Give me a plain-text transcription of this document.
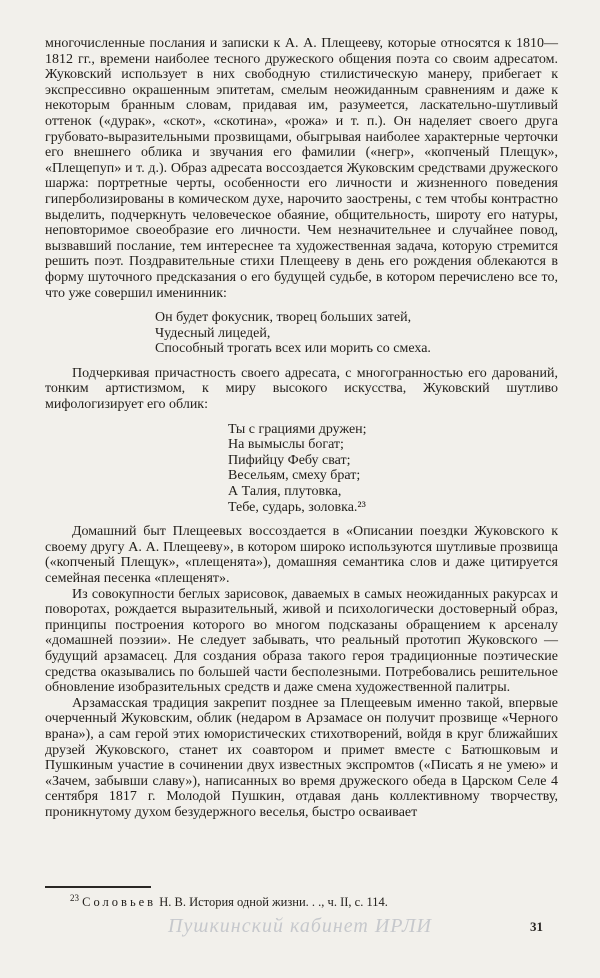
многочисленные послания и записки к А. А. Плещееву, которые относятся к 1810—1812 гг., времени наиболее тесного дружеского общения поэта со своим адресатом. Жуковский использует в них свободную стилистическую манеру, прибегает к экспрессивно окрашенным эпитетам, смелым неожиданным сравнениям и даже к некоторым бранным словам, придавая им, разумеется, ласкательно-шутливый оттенок («дурак», «скот», «скотина», «рожа» и т. п.). Он наделяет своего друга грубовато-выразительными прозвищами, обыгрывая наиболее характерные черточки его внешнего облика и звучания его фамилии («негр», «копченый Плещук», «Плещепуп» и т. д.). Образ адресата воссоздается Жуковским средствами дружеского шаржа: портретные черты, особенности его личности и жизненного поведения гиперболизированы в комическом духе, нарочито заострены, с тем чтобы контрастно выделить, подчеркнуть человеческое обаяние, общительность, широту его натуры, неповторимое своеобразие его личности. Чем незначительнее и случайнее повод, вызвавший послание, тем интереснее та художественная задача, которую стремится решить поэт. Поздравительные стихи Плещееву в день его рождения облекаются в форму шуточного предсказания о его будущей судьбе, в котором перечислено все то, что уже совершил именинник:

Он будет фокусник, творец больших затей,
Чудесный лицедей,
Способный трогать всех или морить со смеха.

Подчеркивая причастность своего адресата, с многогранностью его дарований, тонким артистизмом, к миру высокого искусства, Жуковский шутливо мифологизирует его облик:

Ты с грациями дружен;
На вымыслы богат;
Пифийцу Фебу сват;
Весельям, смеху брат;
А Талия, плутовка,
Тебе, сударь, золовка.²³

Домашний быт Плещеевых воссоздается в «Описании поездки Жуковского к своему другу А. А. Плещееву», в котором широко используются шутливые прозвища («копченый Плещук», «плещенята»), домашняя семантика слов и даже цитируется семейная песенка «плещенят».

Из совокупности беглых зарисовок, даваемых в самых неожиданных ракурсах и поворотах, рождается выразительный, живой и психологически достоверный образ, принципы построения которого во многом подсказаны обращением к арсеналу «домашней поэзии». Не следует забывать, что реальный прототип Жуковского — будущий арзамасец. Для создания образа такого героя традиционные поэтические средства оказывались по большей части бесполезными. Потребовались решительное обновление изобразительных средств и даже смена художественной палитры.

Арзамасская традиция закрепит позднее за Плещеевым именно такой, впервые очерченный Жуковским, облик (недаром в Арзамасе он получит прозвище «Черного врана»), а сам герой этих юмористических стихотворений, войдя в круг ближайших друзей Жуковского, станет их соавтором и примет вместе с Батюшковым и Пушкиным участие в сочинении двух известных экспромтов («Писать я не умею» и «Зачем, забывши славу»), написанных во время дружеского обеда в Царском Селе 4 сентября 1817 г. Молодой Пушкин, отдавая дань коллективному творчеству, проникнутому духом безудержного веселья, быстро осваивает

$^{23}$ Соловьев Н. В. История одной жизни. . ., ч. II, с. 114.
Пушкинский кабинет ИРЛИ	31
